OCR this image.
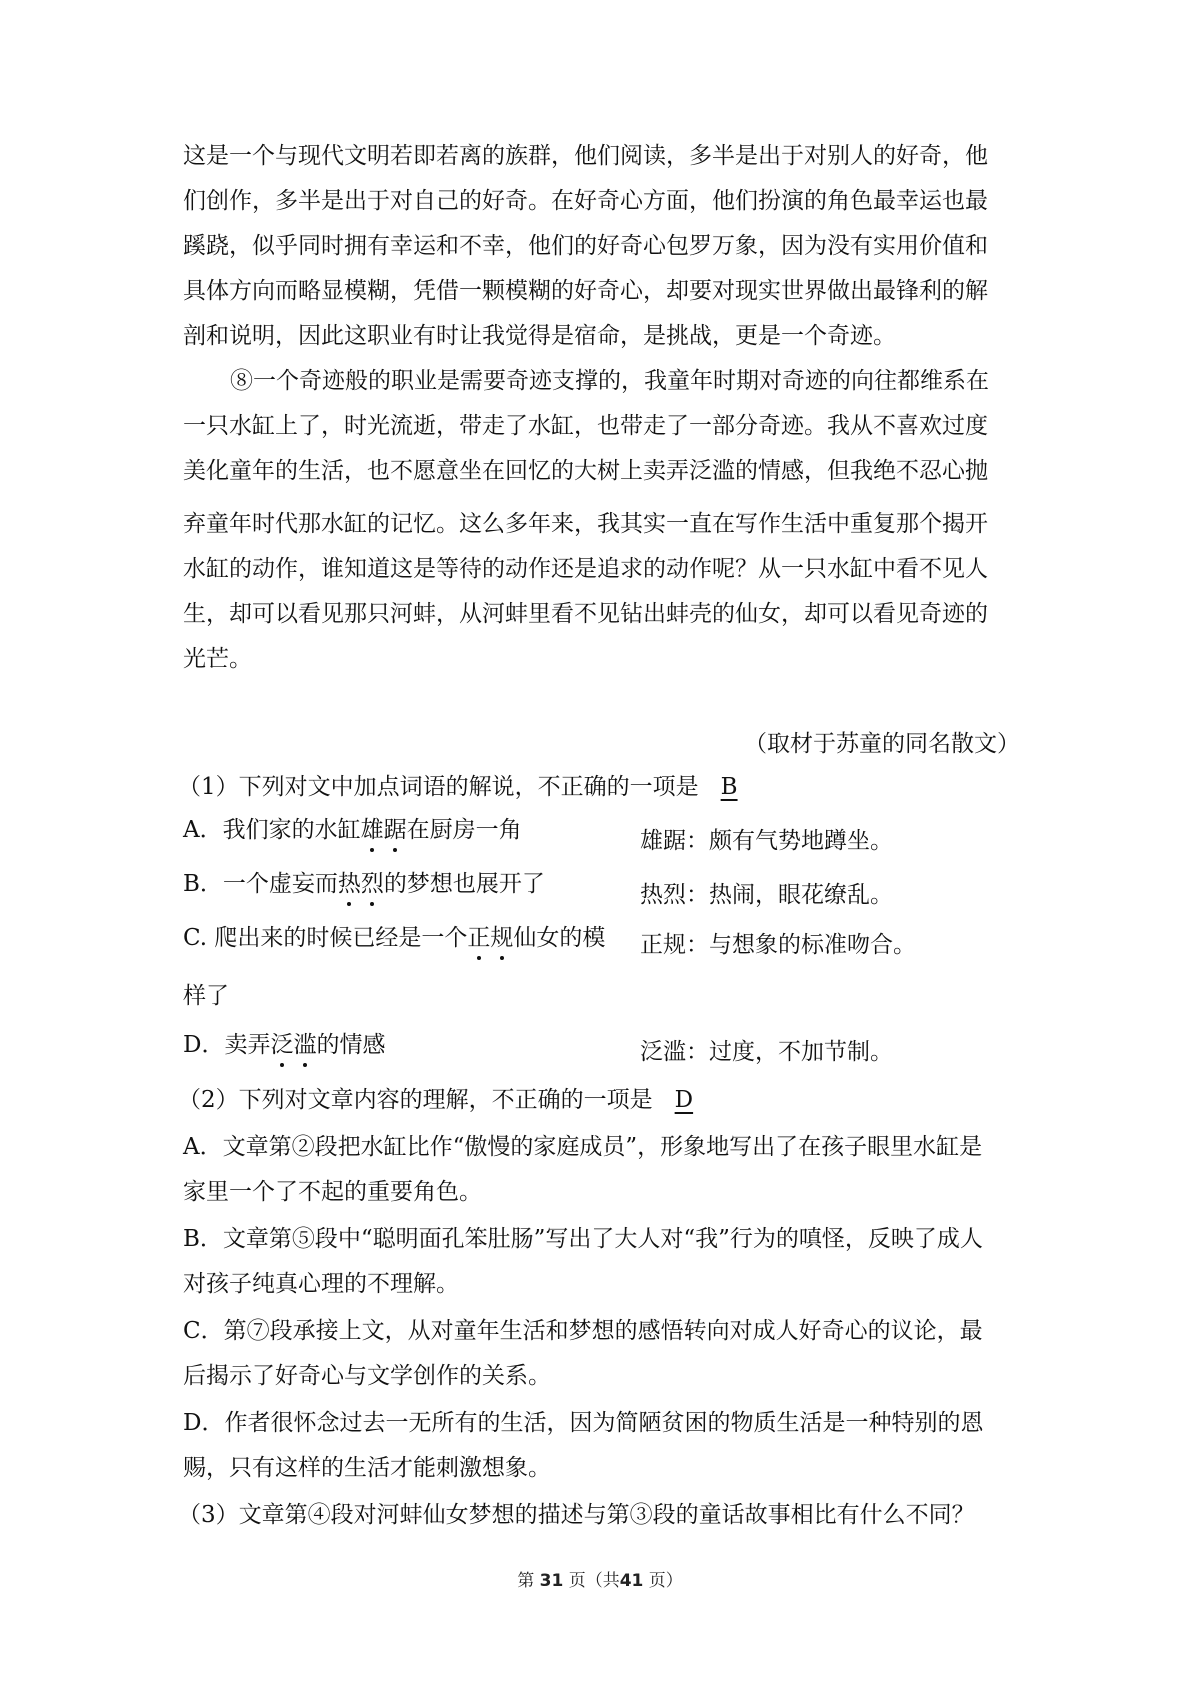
这是一个与现代文明若即若离的族群，他们阅读，多半是出于对别人的好奇，他
们创作，多半是出于对自己的好奇。在好奇心方面，他们扮演的角色最幸运也最
蹊跷，似乎同时拥有幸运和不幸，他们的好奇心包罗万象，因为没有实用价值和
具体方向而略显模糊，凭借一颗模糊的好奇心，却要对现实世界做出最锋利的解
剖和说明，因此这职业有时让我觉得是宿命，是挑战，更是一个奇迹。
⑧一个奇迹般的职业是需要奇迹支撑的，我童年时期对奇迹的向往都维系在
一只水缸上了，时光流逝，带走了水缸，也带走了一部分奇迹。我从不喜欢过度
美化童年的生活，也不愿意坐在回忆的大树上卖弄泛滥的情感，但我绝不忍心抛
弃童年时代那水缸的记忆。这么多年来，我其实一直在写作生活中重复那个揭开
水缸的动作，谁知道这是等待的动作还是追求的动作呢？从一只水缸中看不见人
生，却可以看见那只河蚌，从河蚌里看不见钻出蚌壳的仙女，却可以看见奇迹的
光芒。
（取材于苏童的同名散文）
（1）下列对文中加点词语的解说，不正确的一项是 B
A．我们家的水缸雄踞在厨房一角	雄踞：颇有气势地蹲坐。
B．一个虚妄而热烈的梦想也展开了	热烈：热闹，眼花缭乱。
C. 爬出来的时候已经是一个正规仙女的模 正规：与想象的标准吻合。
样了
D．卖弄泛滥的情感	泛滥：过度，不加节制。
（2）下列对文章内容的理解，不正确的一项是 D
A．文章第②段把水缸比作“傲慢的家庭成员”，形象地写出了在孩子眼里水缸是
家里一个了不起的重要角色。
B．文章第⑤段中“聪明面孔笨肚肠”写出了大人对“我”行为的嗔怪，反映了成人
对孩子纯真心理的不理解。
C．第⑦段承接上文，从对童年生活和梦想的感悟转向对成人好奇心的议论，最
后揭示了好奇心与文学创作的关系。
D．作者很怀念过去一无所有的生活，因为简陋贫困的物质生活是一种特别的恩
赐，只有这样的生活才能刺激想象。
（3）文章第④段对河蚌仙女梦想的描述与第③段的童话故事相比有什么不同？
第 31 页（共41 页）
